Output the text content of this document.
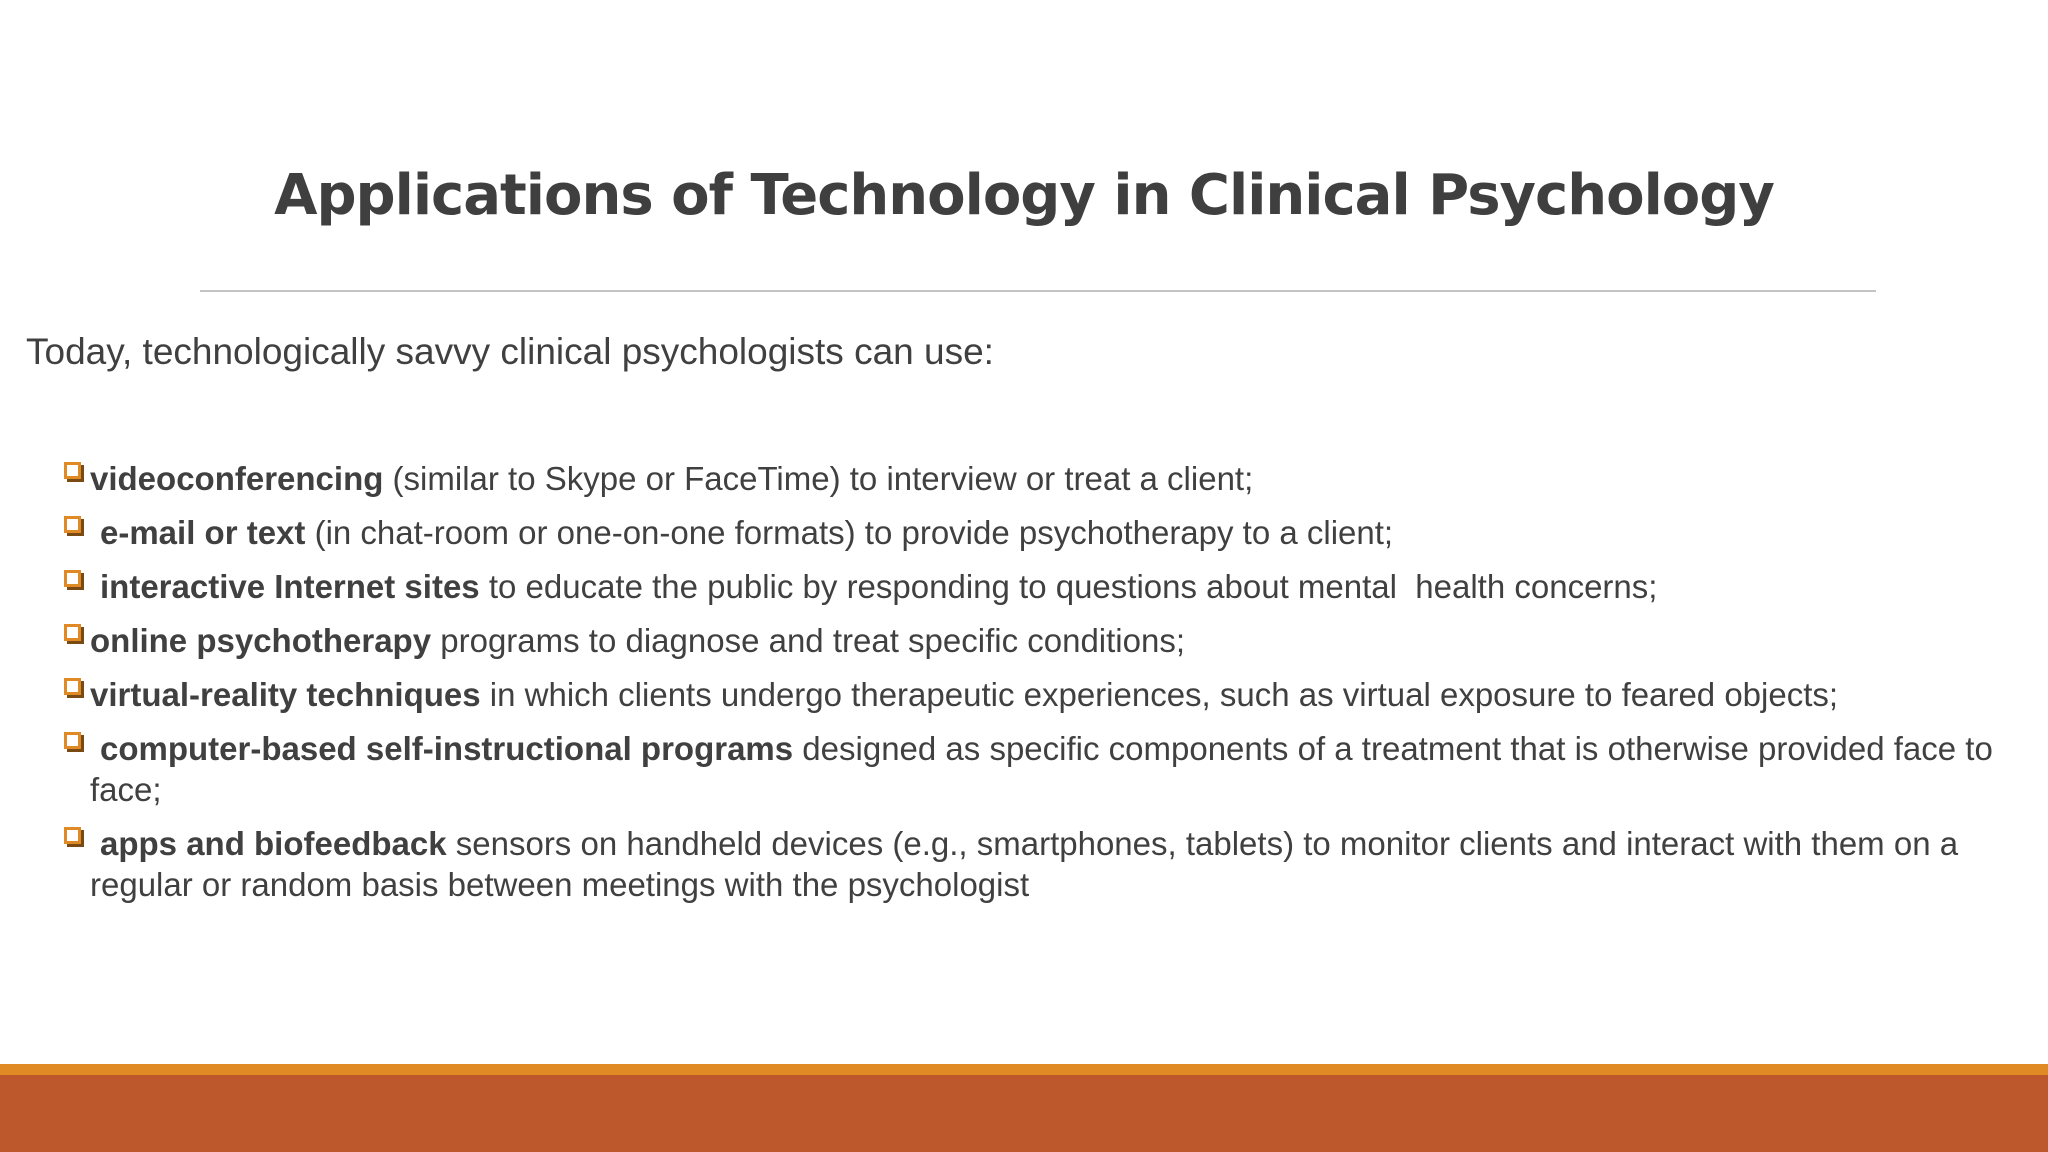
Applications of Technology in Clinical Psychology
Today, technologically savvy clinical psychologists can use:
videoconferencing (similar to Skype or FaceTime) to interview or treat a client;
e-mail or text (in chat-room or one-on-one formats) to provide psychotherapy to a client;
interactive Internet sites to educate the public by responding to questions about mental  health concerns;
online psychotherapy programs to diagnose and treat specific conditions;
virtual-reality techniques in which clients undergo therapeutic experiences, such as virtual exposure to feared objects;
computer-based self-instructional programs designed as specific components of a treatment that is otherwise provided face to face;
apps and biofeedback sensors on handheld devices (e.g., smartphones, tablets) to monitor clients and interact with them on a regular or random basis between meetings with the psychologist
